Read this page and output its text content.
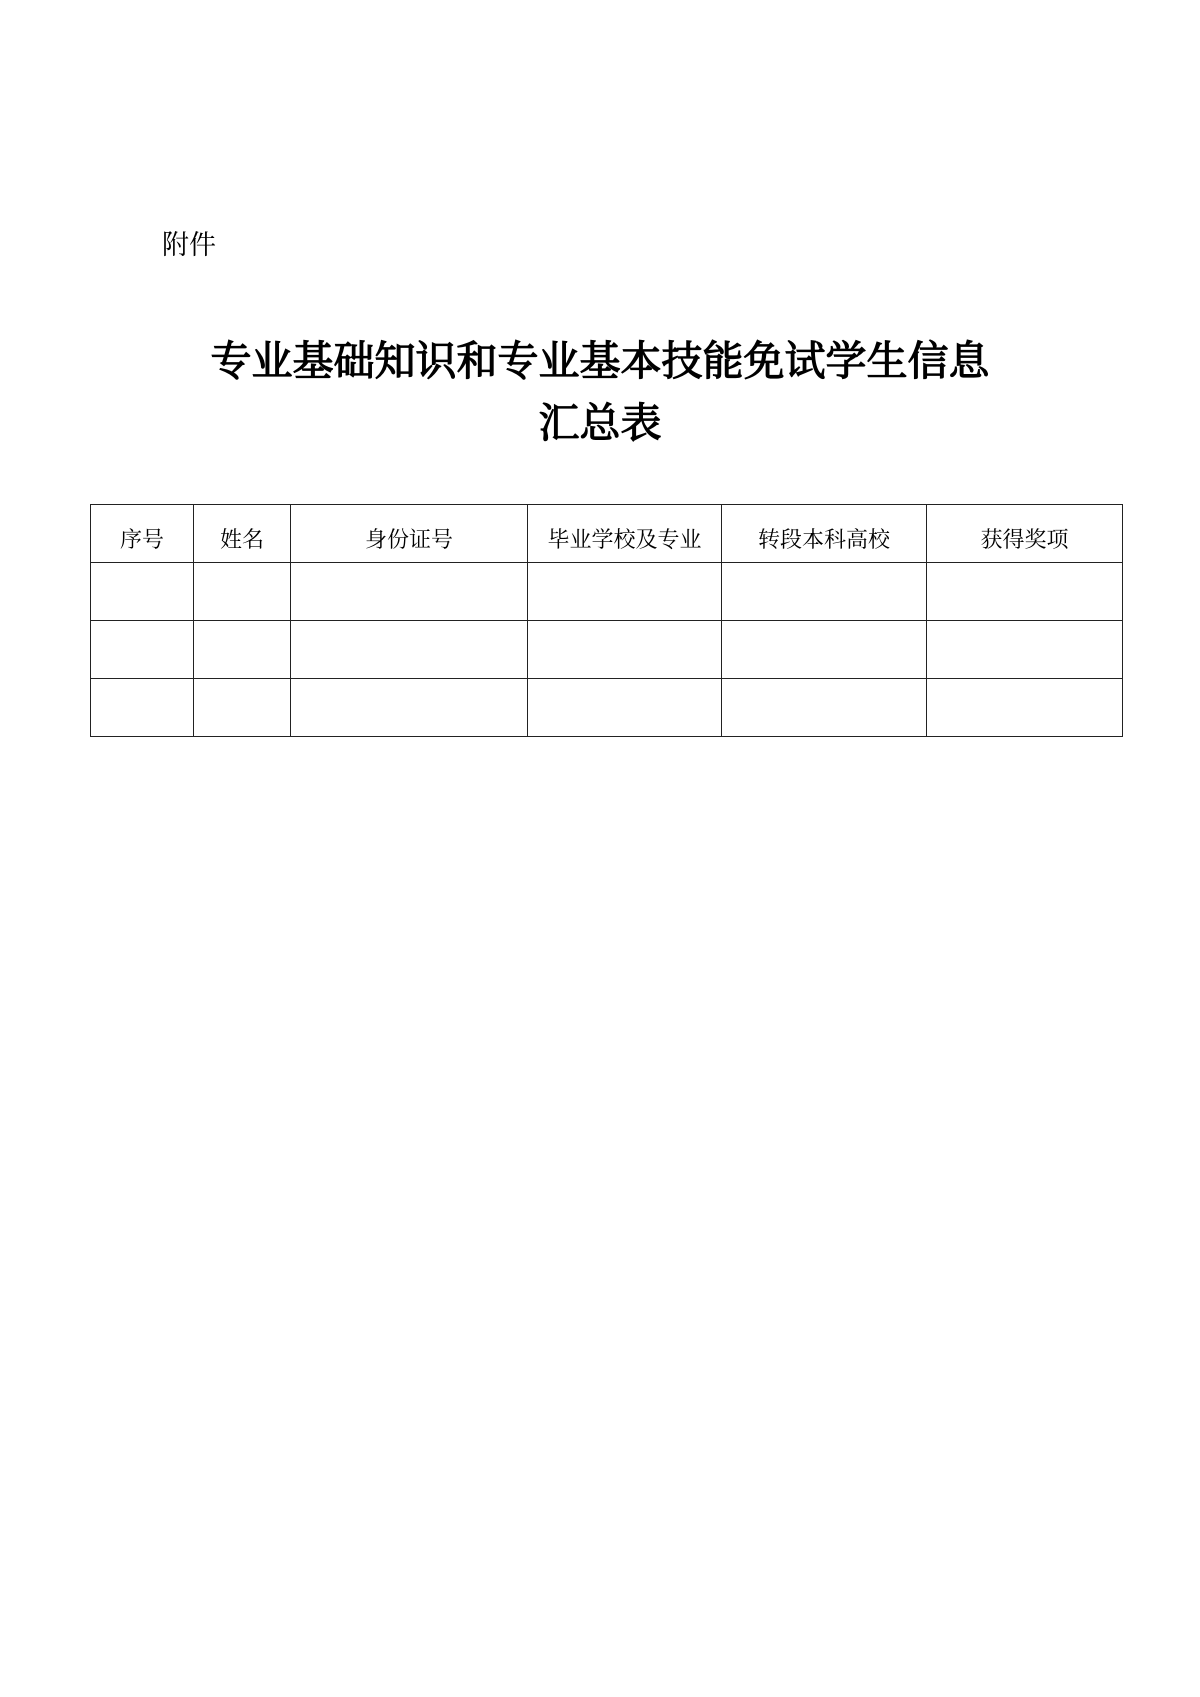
附件
专业基础知识和专业基本技能免试学生信息
汇总表
序号	姓名	身份证号	毕业学校及专业	转段本科高校	获得奖项
